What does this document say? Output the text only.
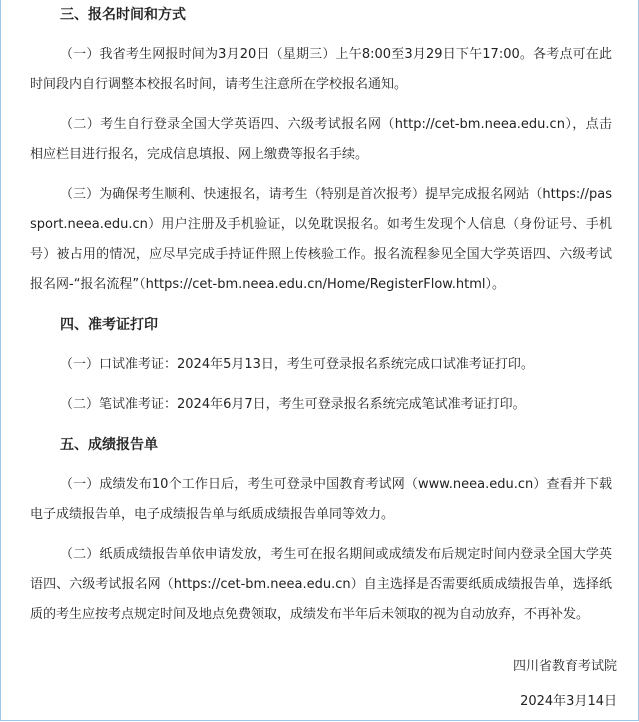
三、报名时间和方式

（一）我省考生网报时间为3月20日（星期三）上午8:00至3月29日下午17:00。各考点可在此时间段内自行调整本校报名时间，请考生注意所在学校报名通知。

（二）考生自行登录全国大学英语四、六级考试报名网（http://cet-bm.neea.edu.cn），点击相应栏目进行报名，完成信息填报、网上缴费等报名手续。

（三）为确保考生顺利、快速报名，请考生（特别是首次报考）提早完成报名网站（https://passport.neea.edu.cn）用户注册及手机验证，以免耽误报名。如考生发现个人信息（身份证号、手机号）被占用的情况，应尽早完成手持证件照上传核验工作。报名流程参见全国大学英语四、六级考试报名网-“报名流程”（https://cet-bm.neea.edu.cn/Home/RegisterFlow.html）。

四、准考证打印

（一）口试准考证：2024年5月13日，考生可登录报名系统完成口试准考证打印。

（二）笔试准考证：2024年6月7日，考生可登录报名系统完成笔试准考证打印。

五、成绩报告单

（一）成绩发布10个工作日后，考生可登录中国教育考试网（www.neea.edu.cn）查看并下载电子成绩报告单，电子成绩报告单与纸质成绩报告单同等效力。

（二）纸质成绩报告单依申请发放，考生可在报名期间或成绩发布后规定时间内登录全国大学英语四、六级考试报名网（https://cet-bm.neea.edu.cn）自主选择是否需要纸质成绩报告单，选择纸质的考生应按考点规定时间及地点免费领取，成绩发布半年后未领取的视为自动放弃，不再补发。

四川省教育考试院
2024年3月14日
